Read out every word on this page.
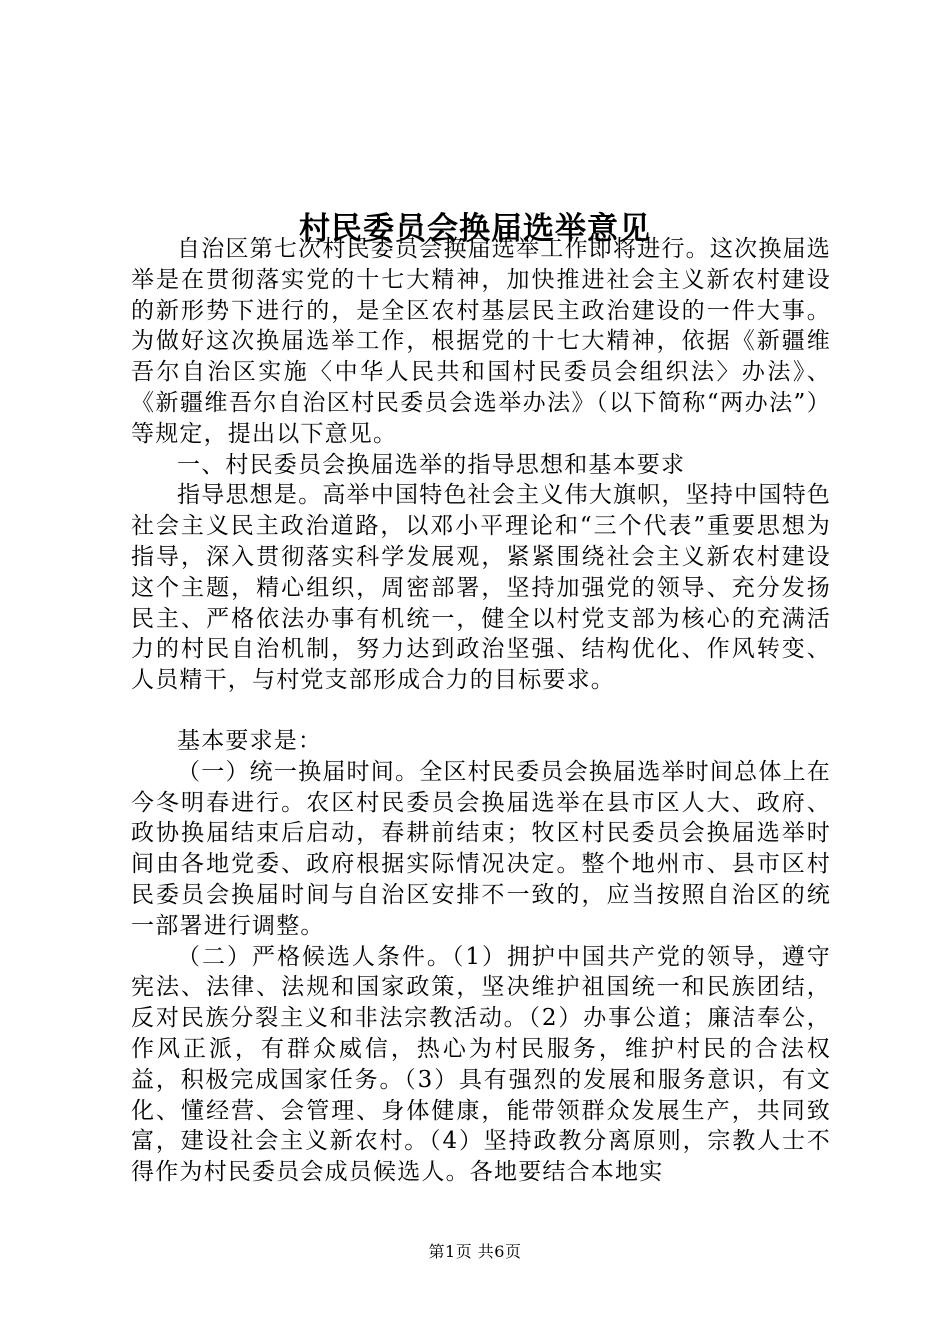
村民委员会换届选举意见

自治区第七次村民委员会换届选举工作即将进行。这次换届选举是在贯彻落实党的十七大精神，加快推进社会主义新农村建设的新形势下进行的，是全区农村基层民主政治建设的一件大事。为做好这次换届选举工作，根据党的十七大精神，依据《新疆维吾尔自治区实施〈中华人民共和国村民委员会组织法〉办法》、《新疆维吾尔自治区村民委员会选举办法》（以下简称“两办法”）等规定，提出以下意见。

一、村民委员会换届选举的指导思想和基本要求

指导思想是。高举中国特色社会主义伟大旗帜，坚持中国特色社会主义民主政治道路，以邓小平理论和“三个代表”重要思想为指导，深入贯彻落实科学发展观，紧紧围绕社会主义新农村建设这个主题，精心组织，周密部署，坚持加强党的领导、充分发扬民主、严格依法办事有机统一，健全以村党支部为核心的充满活力的村民自治机制，努力达到政治坚强、结构优化、作风转变、人员精干，与村党支部形成合力的目标要求。

基本要求是：

（一）统一换届时间。全区村民委员会换届选举时间总体上在今冬明春进行。农区村民委员会换届选举在县市区人大、政府、政协换届结束后启动，春耕前结束；牧区村民委员会换届选举时间由各地党委、政府根据实际情况决定。整个地州市、县市区村民委员会换届时间与自治区安排不一致的，应当按照自治区的统一部署进行调整。

（二）严格候选人条件。（1）拥护中国共产党的领导，遵守宪法、法律、法规和国家政策，坚决维护祖国统一和民族团结，反对民族分裂主义和非法宗教活动。（2）办事公道；廉洁奉公，作风正派，有群众威信，热心为村民服务，维护村民的合法权益，积极完成国家任务。（3）具有强烈的发展和服务意识，有文化、懂经营、会管理、身体健康，能带领群众发展生产，共同致富，建设社会主义新农村。（4）坚持政教分离原则，宗教人士不得作为村民委员会成员候选人。各地要结合本地实

第1页 共6页
